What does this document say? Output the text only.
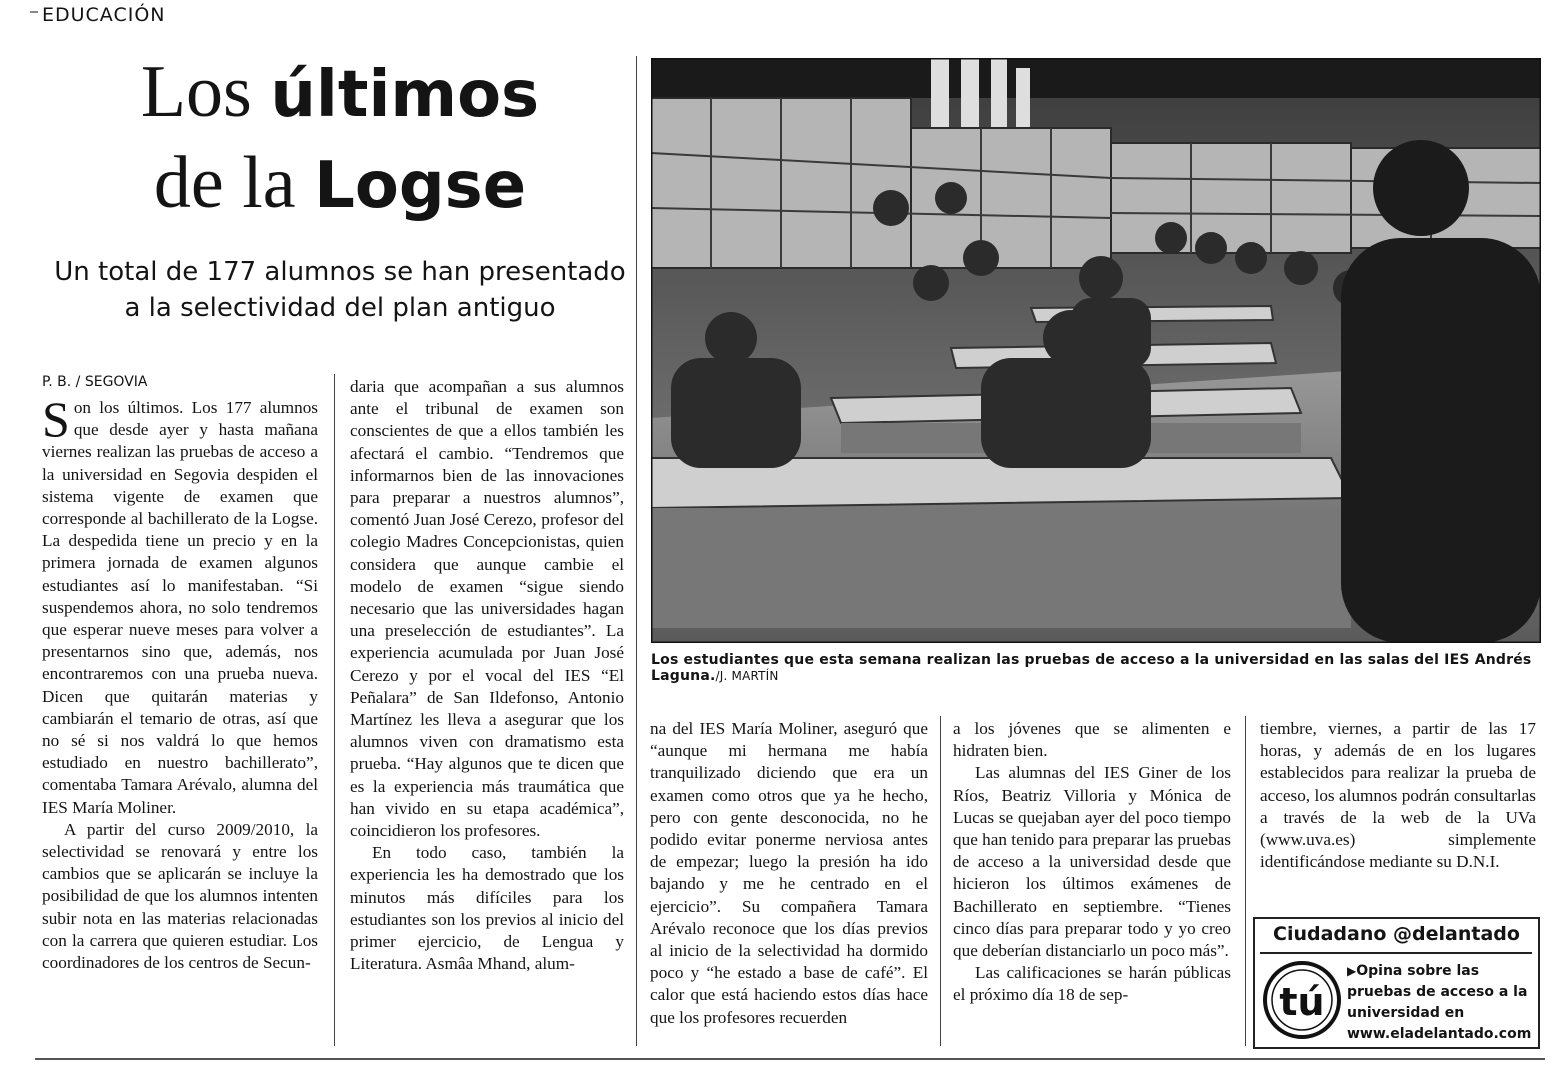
EDUCACIÓN
Los últimos
de la Logse
Un total de 177 alumnos se han presentado
a la selectividad del plan antiguo
P. B. / SEGOVIA

Son los últimos. Los 177 alumnos que desde ayer y hasta mañana viernes realizan las pruebas de acceso a la universidad en Segovia despiden el sistema vigente de examen que corresponde al bachillerato de la Logse. La despedida tiene un precio y en la primera jornada de examen algunos estudiantes así lo manifestaban. “Si suspendemos ahora, no solo tendremos que esperar nueve meses para volver a presentarnos sino que, además, nos encontraremos con una prueba nueva. Dicen que quitarán materias y cambiarán el temario de otras, así que no sé si nos valdrá lo que hemos estudiado en nuestro bachillerato”, comentaba Tamara Arévalo, alumna del IES María Moliner.

A partir del curso 2009/2010, la selectividad se renovará y entre los cambios que se aplicarán se incluye la posibilidad de que los alumnos intenten subir nota en las materias relacionadas con la carrera que quieren estudiar. Los coordinadores de los centros de Secun-

daria que acompañan a sus alumnos ante el tribunal de examen son conscientes de que a ellos también les afectará el cambio. “Tendremos que informarnos bien de las innovaciones para preparar a nuestros alumnos”, comentó Juan José Cerezo, profesor del colegio Madres Concepcionistas, quien considera que aunque cambie el modelo de examen “sigue siendo necesario que las universidades hagan una preselección de estudiantes”. La experiencia acumulada por Juan José Cerezo y por el vocal del IES “El Peñalara” de San Ildefonso, Antonio Martínez les lleva a asegurar que los alumnos viven con dramatismo esta prueba. “Hay algunos que te dicen que es la experiencia más traumática que han vivido en su etapa académica”, coincidieron los profesores.

En todo caso, también la experiencia les ha demostrado que los minutos más difíciles para los estudiantes son los previos al inicio del primer ejercicio, de Lengua y Literatura. Asmâa Mhand, alum-

Los estudiantes que esta semana realizan las pruebas de acceso a la universidad en las salas del IES Andrés Laguna./J. MARTÍN

na del IES María Moliner, aseguró que “aunque mi hermana me había tranquilizado diciendo que era un examen como otros que ya he hecho, pero con gente desconocida, no he podido evitar ponerme nerviosa antes de empezar; luego la presión ha ido bajando y me he centrado en el ejercicio”. Su compañera Tamara Arévalo reconoce que los días previos al inicio de la selectividad ha dormido poco y “he estado a base de café”. El calor que está haciendo estos días hace que los profesores recuerden

a los jóvenes que se alimenten e hidraten bien.

Las alumnas del IES Giner de los Ríos, Beatriz Villoria y Mónica de Lucas se quejaban ayer del poco tiempo que han tenido para preparar las pruebas de acceso a la universidad desde que hicieron los últimos exámenes de Bachillerato en septiembre. “Tienes cinco días para preparar todo y yo creo que deberían distanciarlo un poco más”.

Las calificaciones se harán públicas el próximo día 18 de sep-

tiembre, viernes, a partir de las 17 horas, y además de en los lugares establecidos para realizar la prueba de acceso, los alumnos podrán consultarlas a través de la web de la UVa (www.uva.es) simplemente identificándose mediante su D.N.I.

Ciudadano @delantado
tú
▶Opina sobre las pruebas de acceso a la universidad en
www.eladelantado.com
